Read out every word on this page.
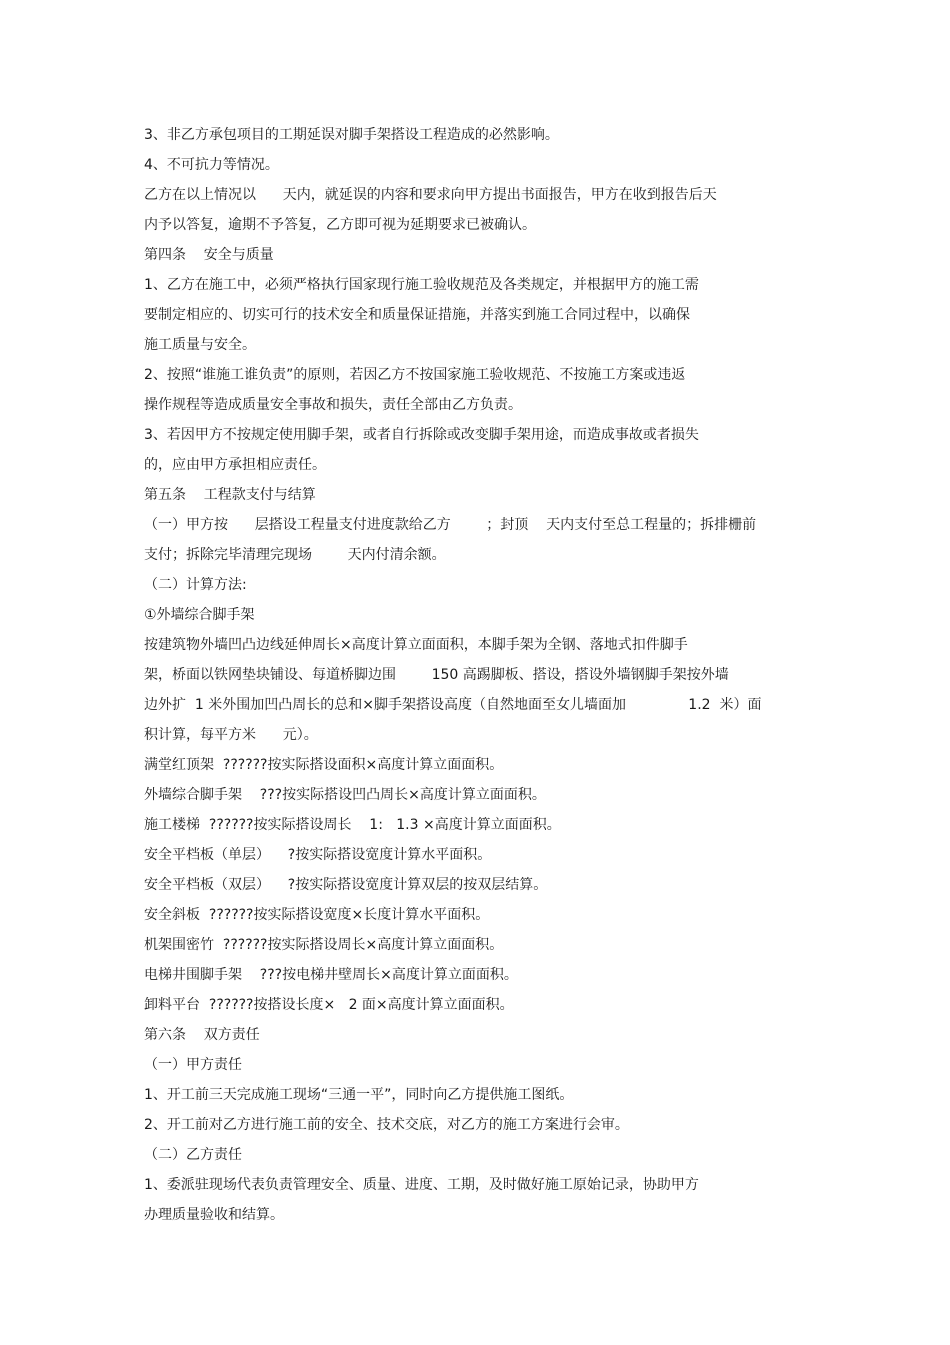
3、非乙方承包项目的工期延误对脚手架搭设工程造成的必然影响。
4、不可抗力等情况。
乙方在以上情况以      天内，就延误的内容和要求向甲方提出书面报告，甲方在收到报告后天
内予以答复，逾期不予答复，乙方即可视为延期要求已被确认。
第四条    安全与质量
1、乙方在施工中，必须严格执行国家现行施工验收规范及各类规定，并根据甲方的施工需
要制定相应的、切实可行的技术安全和质量保证措施，并落实到施工合同过程中，以确保
施工质量与安全。
2、按照“谁施工谁负责”的原则，若因乙方不按国家施工验收规范、不按施工方案或违返
操作规程等造成质量安全事故和损失，责任全部由乙方负责。
3、若因甲方不按规定使用脚手架，或者自行拆除或改变脚手架用途，而造成事故或者损失
的，应由甲方承担相应责任。
第五条    工程款支付与结算
（一）甲方按      层搭设工程量支付进度款给乙方        ；封顶    天内支付至总工程量的；拆排栅前
支付；拆除完毕清理完现场        天内付清余额。
（二）计算方法:
①外墙综合脚手架
按建筑物外墙凹凸边线延伸周长×高度计算立面面积，本脚手架为全钢、落地式扣件脚手
架，桥面以铁网垫块铺设、每道桥脚边围        150 高踢脚板、搭设，搭设外墙钢脚手架按外墙
边外扩  1 米外围加凹凸周长的总和×脚手架搭设高度（自然地面至女儿墙面加              1.2  米）面
积计算，每平方米      元）。
满堂红顶架  ??????按实际搭设面积×高度计算立面面积。
外墙综合脚手架    ???按实际搭设凹凸周长×高度计算立面面积。
施工楼梯  ??????按实际搭设周长    1:   1.3 ×高度计算立面面积。
安全平档板（单层）    ?按实际搭设宽度计算水平面积。
安全平档板（双层）    ?按实际搭设宽度计算双层的按双层结算。
安全斜板  ??????按实际搭设宽度×长度计算水平面积。
机架围密竹  ??????按实际搭设周长×高度计算立面面积。
电梯井围脚手架    ???按电梯井壁周长×高度计算立面面积。
卸料平台  ??????按搭设长度×   2 面×高度计算立面面积。
第六条    双方责任
（一）甲方责任
1、开工前三天完成施工现场“三通一平”，同时向乙方提供施工图纸。
2、开工前对乙方进行施工前的安全、技术交底，对乙方的施工方案进行会审。
（二）乙方责任
1、委派驻现场代表负责管理安全、质量、进度、工期，及时做好施工原始记录，协助甲方
办理质量验收和结算。
